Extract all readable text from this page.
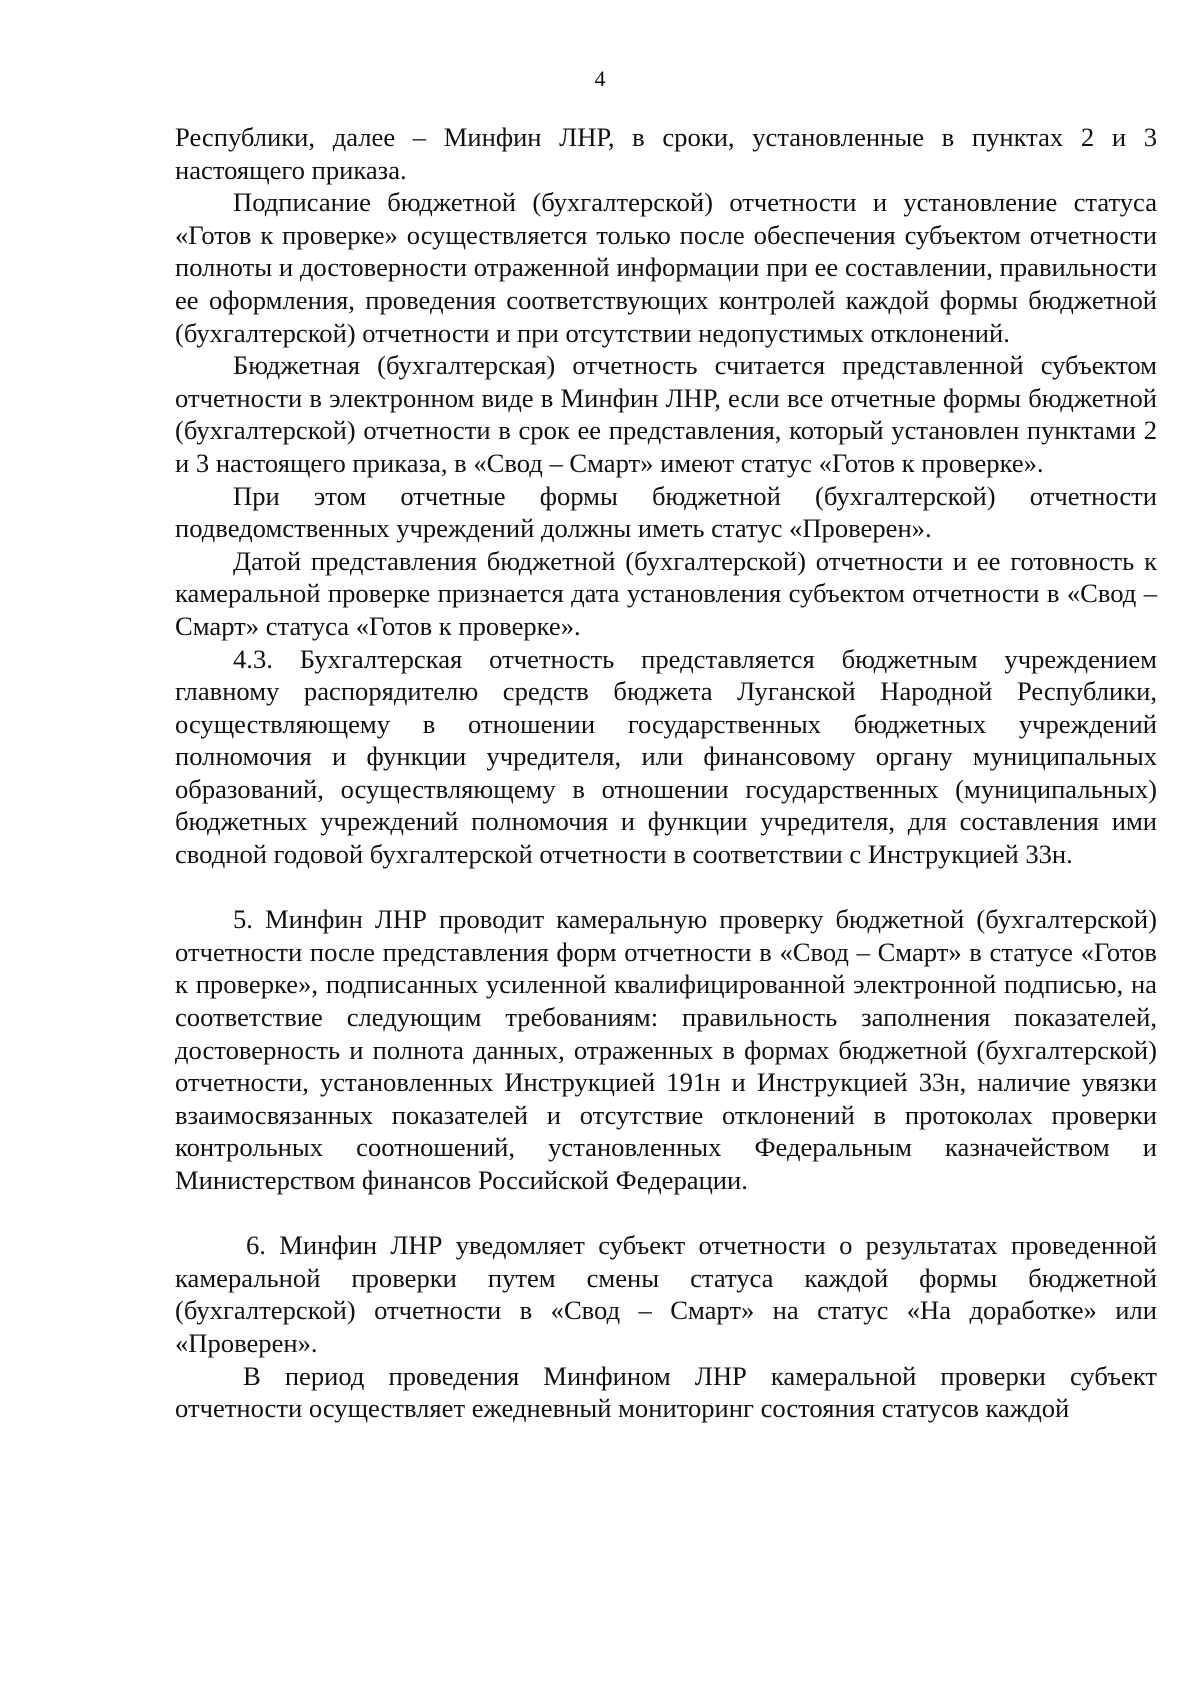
4

Республики, далее – Минфин ЛНР, в сроки, установленные в пунктах 2 и 3 настоящего приказа.

Подписание бюджетной (бухгалтерской) отчетности и установление статуса «Готов к проверке» осуществляется только после обеспечения субъектом отчетности полноты и достоверности отраженной информации при ее составлении, правильности ее оформления, проведения соответствующих контролей каждой формы бюджетной (бухгалтерской) отчетности и при отсутствии недопустимых отклонений.

Бюджетная (бухгалтерская) отчетность считается представленной субъектом отчетности в электронном виде в Минфин ЛНР, если все отчетные формы бюджетной (бухгалтерской) отчетности в срок ее представления, который установлен пунктами 2 и 3 настоящего приказа, в «Свод – Смарт» имеют статус «Готов к проверке».

При этом отчетные формы бюджетной (бухгалтерской) отчетности подведомственных учреждений должны иметь статус «Проверен».

Датой представления бюджетной (бухгалтерской) отчетности и ее готовность к камеральной проверке признается дата установления субъектом отчетности в «Свод – Смарт» статуса «Готов к проверке».

4.3. Бухгалтерская отчетность представляется бюджетным учреждением главному распорядителю средств бюджета Луганской Народной Республики, осуществляющему в отношении государственных бюджетных учреждений полномочия и функции учредителя, или финансовому органу муниципальных образований, осуществляющему в отношении государственных (муниципальных) бюджетных учреждений полномочия и функции учредителя, для составления ими сводной годовой бухгалтерской отчетности в соответствии с Инструкцией 33н.

5. Минфин ЛНР проводит камеральную проверку бюджетной (бухгалтерской) отчетности после представления форм отчетности в «Свод – Смарт» в статусе «Готов к проверке», подписанных усиленной квалифицированной электронной подписью, на соответствие следующим требованиям: правильность заполнения показателей, достоверность и полнота данных, отраженных в формах бюджетной (бухгалтерской) отчетности, установленных Инструкцией 191н и Инструкцией 33н, наличие увязки взаимосвязанных показателей и отсутствие отклонений в протоколах проверки контрольных соотношений, установленных Федеральным казначейством и Министерством финансов Российской Федерации.

6. Минфин ЛНР уведомляет субъект отчетности о результатах проведенной камеральной проверки путем смены статуса каждой формы бюджетной (бухгалтерской) отчетности в «Свод – Смарт» на статус «На доработке» или «Проверен».

В период проведения Минфином ЛНР камеральной проверки субъект отчетности осуществляет ежедневный мониторинг состояния статусов каждой
